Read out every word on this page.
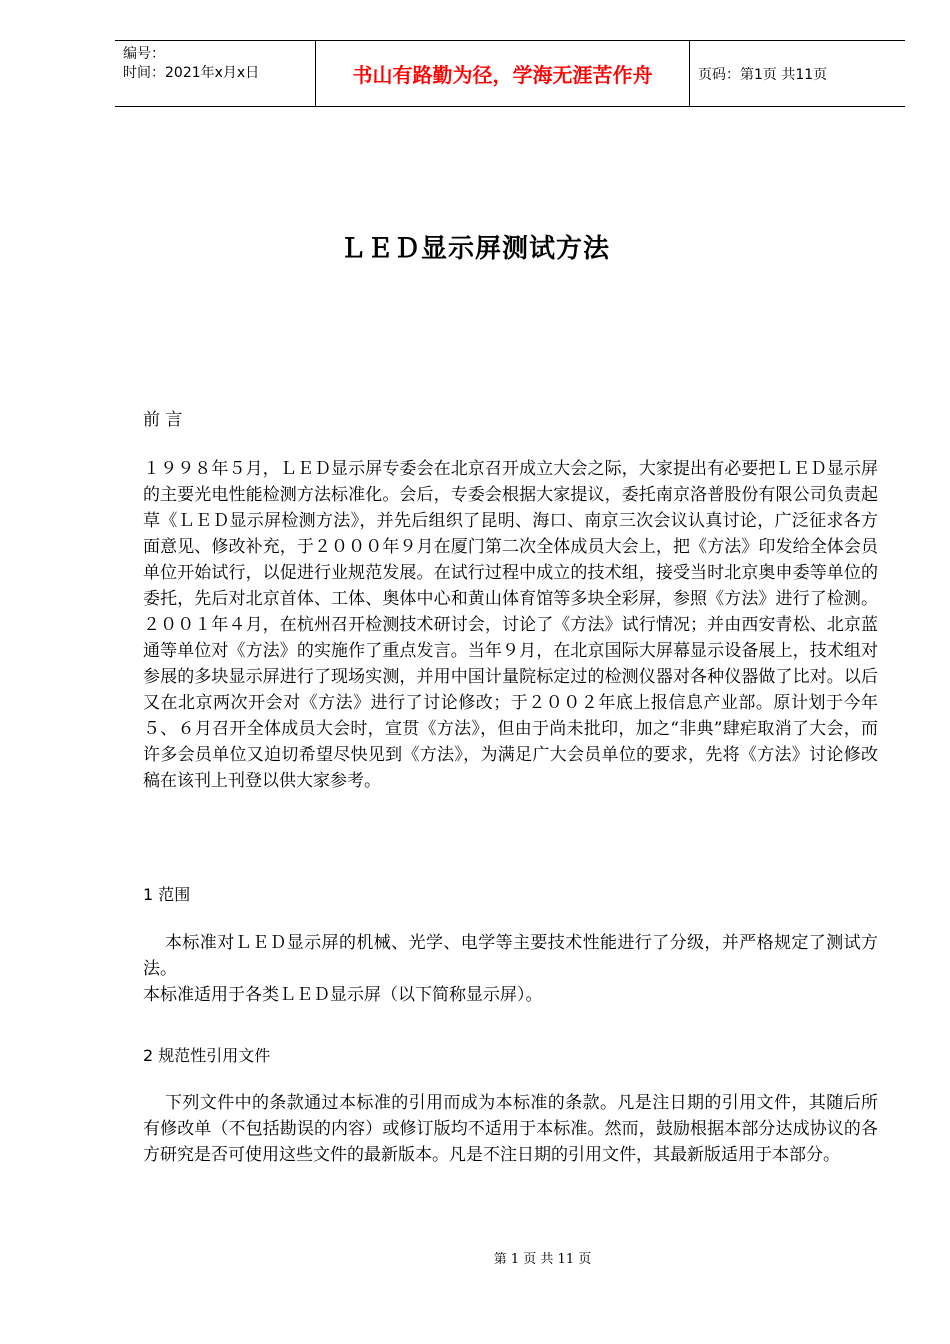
编号：
时间：2021年x月x日	书山有路勤为径，学海无涯苦作舟	页码：第1页 共11页
ＬＥＤ显示屏测试方法
前 言
１９９８年５月，ＬＥＤ显示屏专委会在北京召开成立大会之际，大家提出有必要把ＬＥＤ显示屏的主要光电性能检测方法标准化。会后，专委会根据大家提议，委托南京洛普股份有限公司负责起草《ＬＥＤ显示屏检测方法》，并先后组织了昆明、海口、南京三次会议认真讨论，广泛征求各方面意见、修改补充，于２０００年９月在厦门第二次全体成员大会上，把《方法》印发给全体会员单位开始试行，以促进行业规范发展。在试行过程中成立的技术组，接受当时北京奥申委等单位的委托，先后对北京首体、工体、奥体中心和黄山体育馆等多块全彩屏，参照《方法》进行了检测。２００１年４月，在杭州召开检测技术研讨会，讨论了《方法》试行情况；并由西安青松、北京蓝通等单位对《方法》的实施作了重点发言。当年９月，在北京国际大屏幕显示设备展上，技术组对参展的多块显示屏进行了现场实测，并用中国计量院标定过的检测仪器对各种仪器做了比对。以后又在北京两次开会对《方法》进行了讨论修改；于２００２年底上报信息产业部。原计划于今年５、６月召开全体成员大会时，宣贯《方法》，但由于尚未批印，加之“非典”肆疟取消了大会，而许多会员单位又迫切希望尽快见到《方法》，为满足广大会员单位的要求，先将《方法》讨论修改稿在该刊上刊登以供大家参考。
1 范围
本标准对ＬＥＤ显示屏的机械、光学、电学等主要技术性能进行了分级，并严格规定了测试方法。
本标准适用于各类ＬＥＤ显示屏（以下简称显示屏）。
2 规范性引用文件
下列文件中的条款通过本标准的引用而成为本标准的条款。凡是注日期的引用文件，其随后所有修改单（不包括勘误的内容）或修订版均不适用于本标准。然而，鼓励根据本部分达成协议的各方研究是否可使用这些文件的最新版本。凡是不注日期的引用文件，其最新版适用于本部分。
第 1 页 共 11 页
